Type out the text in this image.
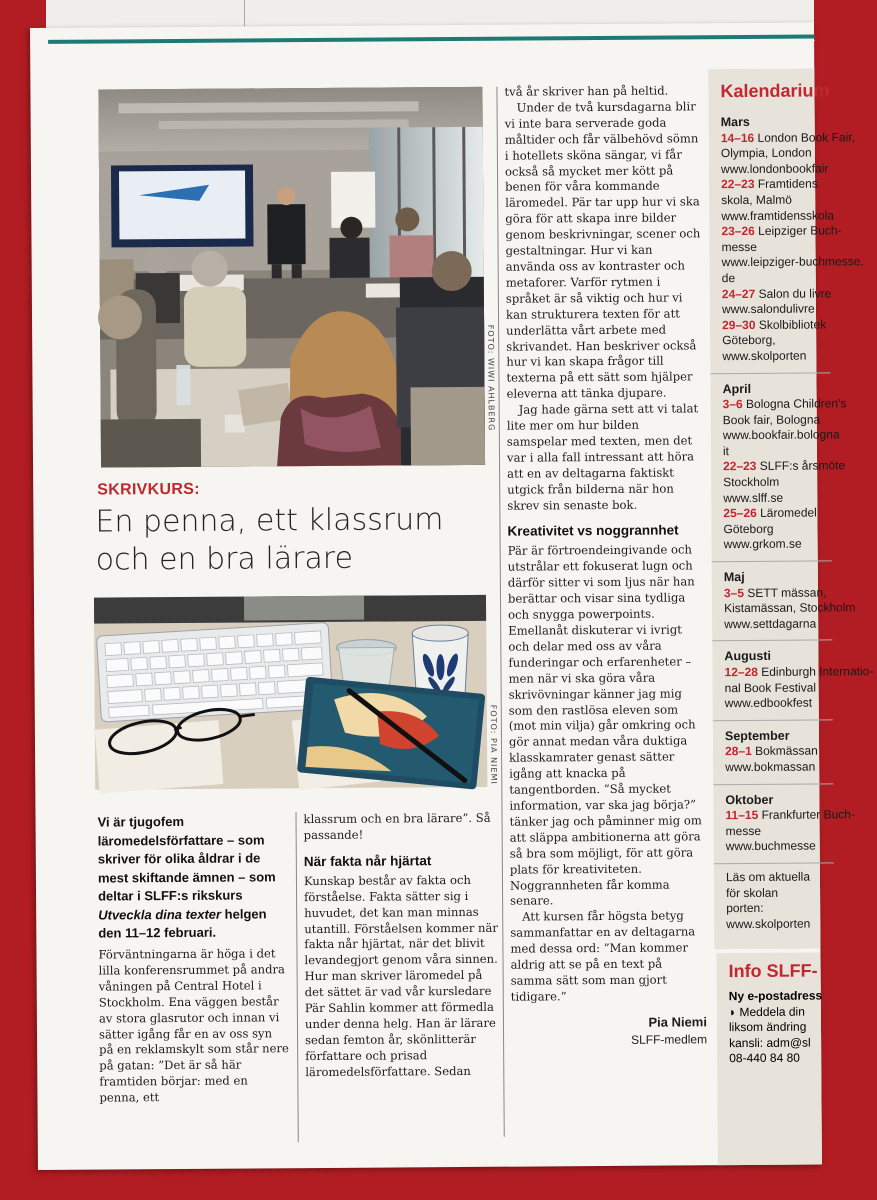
FOTO: WIWI AHLBERG
SKRIVKURS:
En penna, ett klassrum
och en bra lärare
FOTO: PIA NIEMI
Vi är tjugofem läromedelsförfattare – som skriver för olika åldrar i de mest skiftande ämnen – som deltar i SLFF:s rikskurs Utveckla dina texter helgen den 11–12 februari.

Förväntningarna är höga i det lilla konferensrummet på andra våningen på Central Hotel i Stockholm. Ena väggen består av stora glasrutor och innan vi sätter igång får en av oss syn på en reklamskylt som står nere på gatan: ”Det är så här framtiden börjar: med en penna, ett

klassrum och en bra lärare”. Så passande!

När fakta når hjärtat

Kunskap består av fakta och förståelse. Fakta sätter sig i huvudet, det kan man minnas utantill. Förståelsen kommer när fakta når hjärtat, när det blivit levandegjort genom våra sinnen. Hur man skriver läromedel på det sättet är vad vår kursledare Pär Sahlin kommer att förmedla under denna helg. Han är lärare sedan femton år, skönlitterär författare och prisad läromedelsförfattare. Sedan

två år skriver han på heltid.

Under de två kursdagarna blir vi inte bara serverade goda måltider och får välbehövd sömn i hotellets sköna sängar, vi får också så mycket mer kött på benen för våra kommande läromedel. Pär tar upp hur vi ska göra för att skapa inre bilder genom beskrivningar, scener och gestaltningar. Hur vi kan använda oss av kontraster och metaforer. Varför rytmen i språket är så viktig och hur vi kan strukturera texten för att underlätta vårt arbete med skrivandet. Han beskriver också hur vi kan skapa frågor till texterna på ett sätt som hjälper eleverna att tänka djupare.

Jag hade gärna sett att vi talat lite mer om hur bilden samspelar med texten, men det var i alla fall intressant att höra att en av deltagarna faktiskt utgick från bilderna när hon skrev sin senaste bok.

Kreativitet vs noggrannhet

Pär är förtroendeingivande och utstrålar ett fokuserat lugn och därför sitter vi som ljus när han berättar och visar sina tydliga och snygga powerpoints. Emellanåt diskuterar vi ivrigt och delar med oss av våra funderingar och erfarenheter – men när vi ska göra våra skrivövningar känner jag mig som den rastlösa eleven som (mot min vilja) går omkring och gör annat medan våra duktiga klasskamrater genast sätter igång att knacka på tangentborden. ”Så mycket information, var ska jag börja?” tänker jag och påminner mig om att släppa ambitionerna att göra så bra som möjligt, för att göra plats för kreativiteten. Noggrannheten får komma senare.

Att kursen får högsta betyg sammanfattar en av deltagarna med dessa ord: ”Man kommer aldrig att se på en text på samma sätt som man gjort tidigare.”

Pia Niemi
SLFF-medlem
Kalendarium
Mars
14–16 London Book Fair,
Olympia, London
www.londonbookfair
22–23 Framtidens
skola, Malmö
www.framtidensskola
23–26 Leipziger Buch-
messe
www.leipziger-buchmesse.
de
24–27 Salon du livre
www.salondulivre
29–30 Skolbibliotek
Göteborg,
www.skolporten
April
3–6 Bologna Children's
Book fair, Bologna
www.bookfair.bologna
it
22–23 SLFF:s årsmöte
Stockholm
www.slff.se
25–26 Läromedel
Göteborg
www.grkom.se
Maj
3–5 SETT mässan,
Kistamässan, Stockholm
www.settdagarna
Augusti
12–28 Edinburgh Internatio-
nal Book Festival
www.edbookfest
September
28–1 Bokmässan
www.bokmassan
Oktober
11–15 Frankfurter Buch-
messe
www.buchmesse
Läs om aktuella
för skolan
porten:
www.skolporten
Info SLFF-
Ny e-postadress
◗ Meddela din
liksom ändring
kansli: adm@sl
08-440 84 80
